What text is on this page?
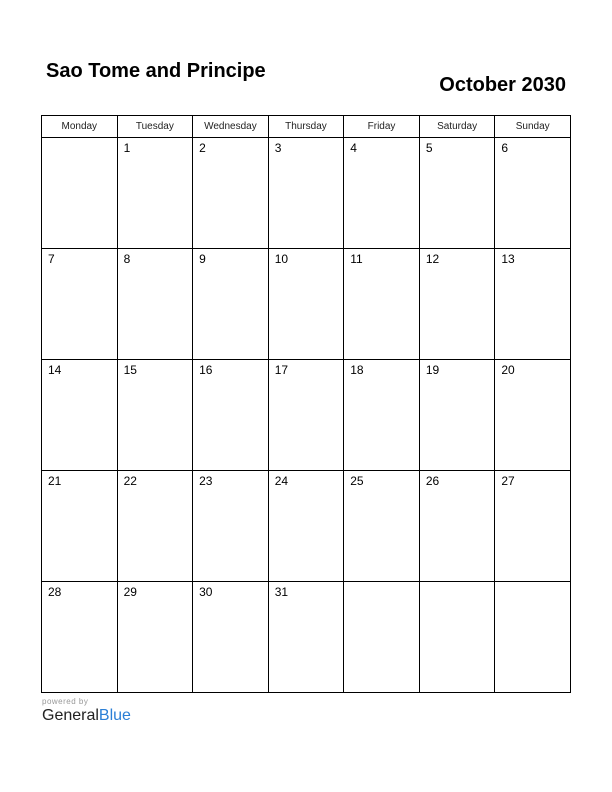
Sao Tome and Principe
October 2030
Monday	Tuesday	Wednesday	Thursday	Friday	Saturday	Sunday
	1	2	3	4	5	6
7	8	9	10	11	12	13
14	15	16	17	18	19	20
21	22	23	24	25	26	27
28	29	30	31			
powered by
GeneralBlue
